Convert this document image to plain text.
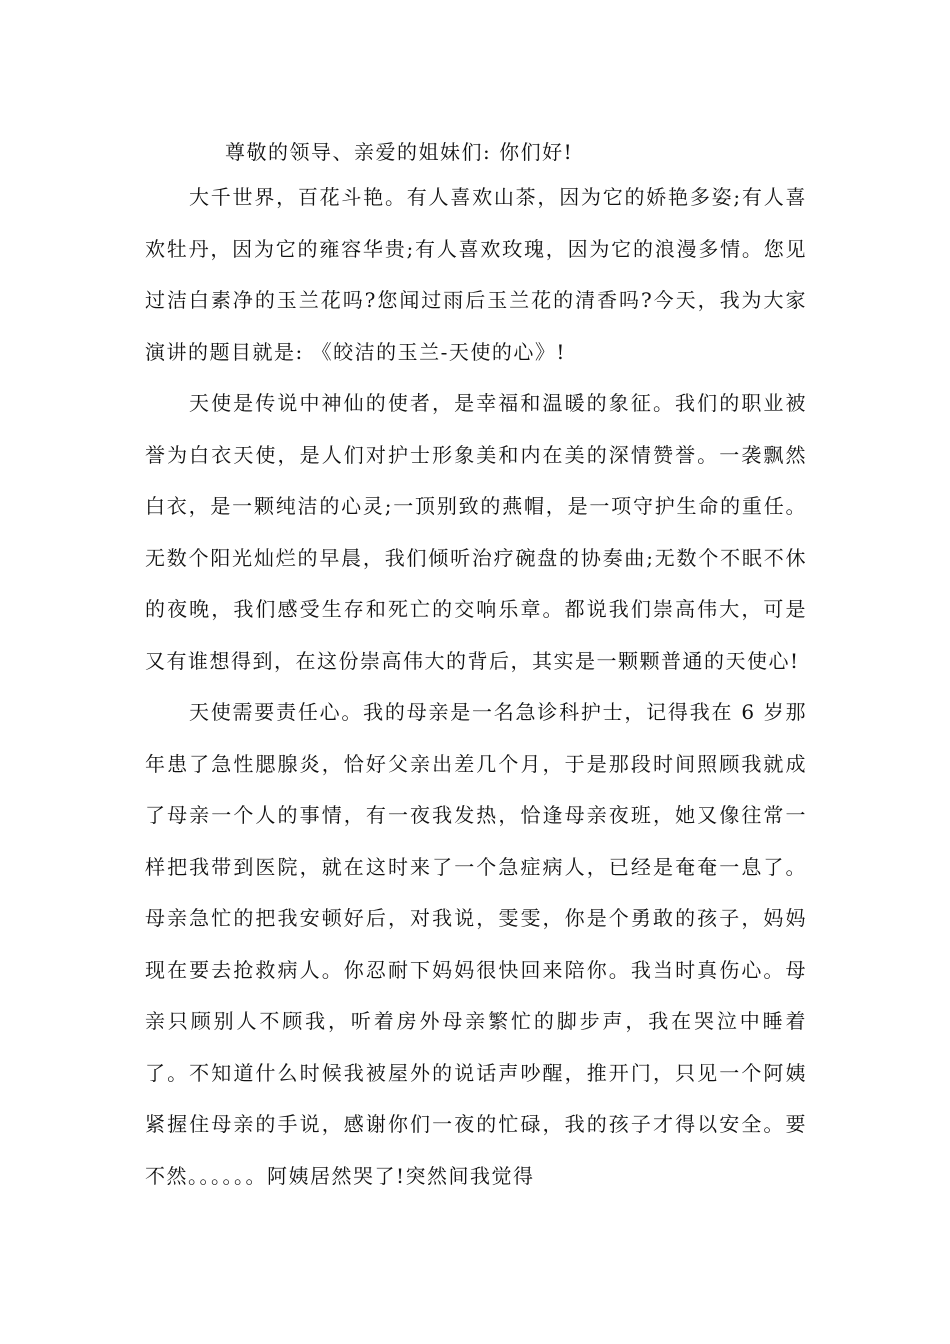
尊敬的领导、亲爱的姐妹们: 你们好!

大千世界，百花斗艳。有人喜欢山茶，因为它的娇艳多姿;有人喜欢牡丹，因为它的雍容华贵;有人喜欢玫瑰，因为它的浪漫多情。您见过洁白素净的玉兰花吗?您闻过雨后玉兰花的清香吗?今天，我为大家演讲的题目就是: 《皎洁的玉兰-天使的心》!

天使是传说中神仙的使者，是幸福和温暖的象征。我们的职业被誉为白衣天使，是人们对护士形象美和内在美的深情赞誉。一袭飘然白衣，是一颗纯洁的心灵;一顶别致的燕帽，是一项守护生命的重任。无数个阳光灿烂的早晨，我们倾听治疗碗盘的协奏曲;无数个不眠不休的夜晚，我们感受生存和死亡的交响乐章。都说我们崇高伟大，可是又有谁想得到，在这份崇高伟大的背后，其实是一颗颗普通的天使心!

天使需要责任心。我的母亲是一名急诊科护士，记得我在 6 岁那年患了急性腮腺炎，恰好父亲出差几个月，于是那段时间照顾我就成了母亲一个人的事情，有一夜我发热，恰逢母亲夜班，她又像往常一样把我带到医院，就在这时来了一个急症病人，已经是奄奄一息了。母亲急忙的把我安顿好后，对我说，雯雯，你是个勇敢的孩子，妈妈现在要去抢救病人。你忍耐下妈妈很快回来陪你。我当时真伤心。母亲只顾别人不顾我，听着房外母亲繁忙的脚步声，我在哭泣中睡着了。不知道什么时候我被屋外的说话声吵醒，推开门，只见一个阿姨紧握住母亲的手说，感谢你们一夜的忙碌，我的孩子才得以安全。要不然。。。。。。阿姨居然哭了!突然间我觉得
